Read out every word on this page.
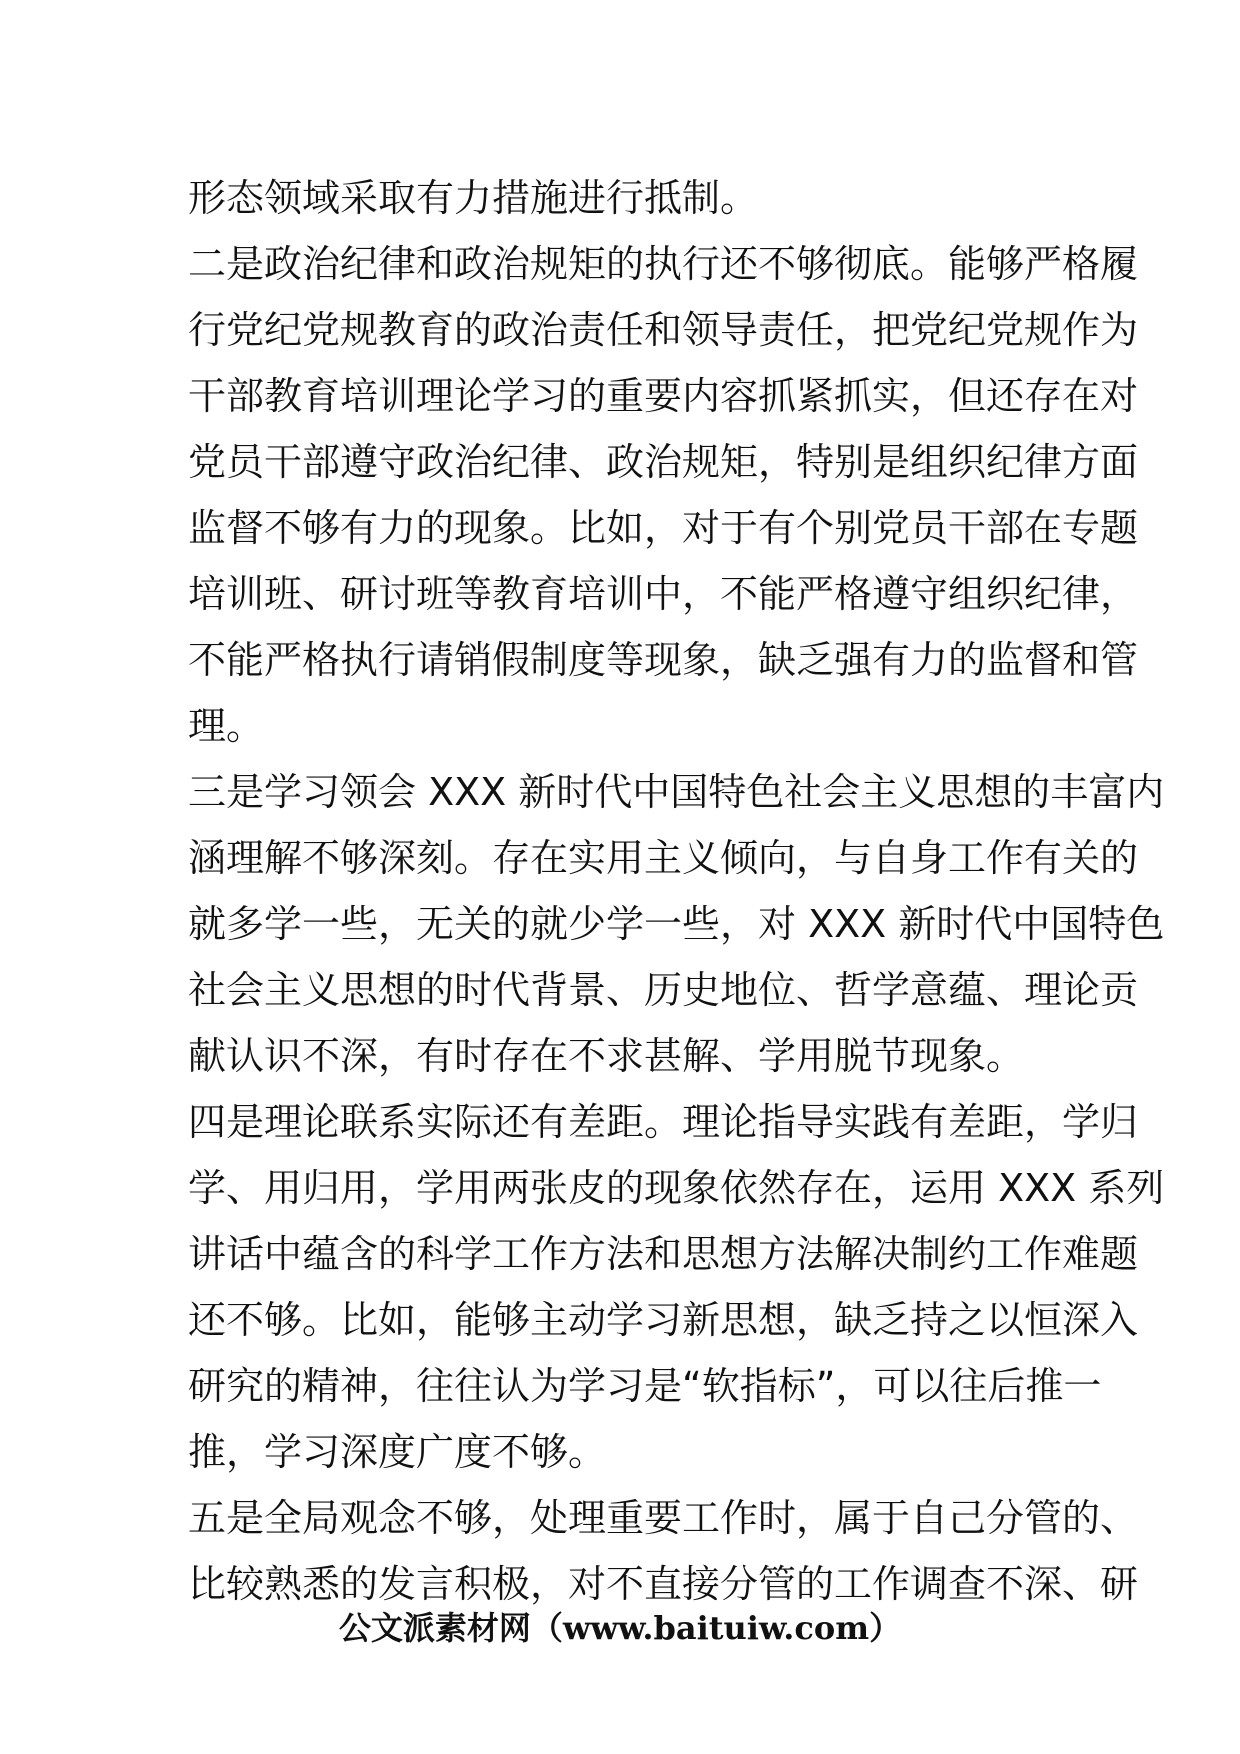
形态领域采取有力措施进行抵制。
二是政治纪律和政治规矩的执行还不够彻底。能够严格履
行党纪党规教育的政治责任和领导责任，把党纪党规作为
干部教育培训理论学习的重要内容抓紧抓实，但还存在对
党员干部遵守政治纪律、政治规矩，特别是组织纪律方面
监督不够有力的现象。比如，对于有个别党员干部在专题
培训班、研讨班等教育培训中，不能严格遵守组织纪律，
不能严格执行请销假制度等现象，缺乏强有力的监督和管
理。
三是学习领会 XXX 新时代中国特色社会主义思想的丰富内
涵理解不够深刻。存在实用主义倾向，与自身工作有关的
就多学一些，无关的就少学一些，对 XXX 新时代中国特色
社会主义思想的时代背景、历史地位、哲学意蕴、理论贡
献认识不深，有时存在不求甚解、学用脱节现象。
四是理论联系实际还有差距。理论指导实践有差距，学归
学、用归用，学用两张皮的现象依然存在，运用 XXX 系列
讲话中蕴含的科学工作方法和思想方法解决制约工作难题
还不够。比如，能够主动学习新思想，缺乏持之以恒深入
研究的精神，往往认为学习是“软指标”，可以往后推一
推，学习深度广度不够。
五是全局观念不够，处理重要工作时，属于自己分管的、
比较熟悉的发言积极，对不直接分管的工作调查不深、研
公文派素材网（www.baituiw.com）
